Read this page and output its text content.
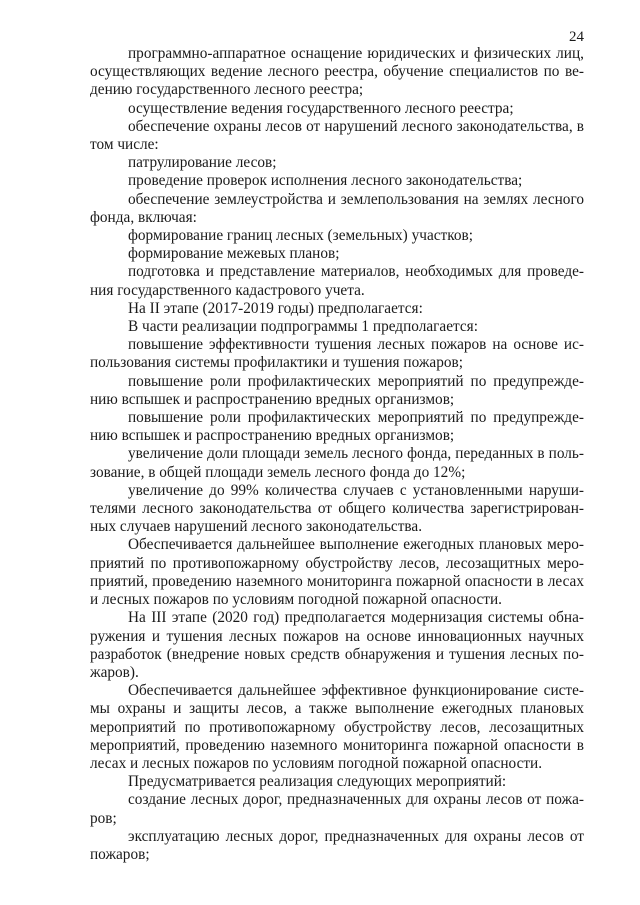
24

программно-аппаратное оснащение юридических и физических лиц, осуществляющих ведение лесного реестра, обучение специалистов по ведению государственного лесного реестра;

осуществление ведения государственного лесного реестра;

обеспечение охраны лесов от нарушений лесного законодательства, в том числе:

патрулирование лесов;

проведение проверок исполнения лесного законодательства;

обеспечение землеустройства и землепользования на землях лесного фонда, включая:

формирование границ лесных (земельных) участков;

формирование межевых планов;

подготовка и представление материалов, необходимых для проведения государственного кадастрового учета.

На II этапе (2017-2019 годы) предполагается:

В части реализации подпрограммы 1 предполагается:

повышение эффективности тушения лесных пожаров на основе использования системы профилактики и тушения пожаров;

повышение роли профилактических мероприятий по предупреждению вспышек и распространению вредных организмов;

повышение роли профилактических мероприятий по предупреждению вспышек и распространению вредных организмов;

увеличение доли площади земель лесного фонда, переданных в пользование, в общей площади земель лесного фонда до 12%;

увеличение до 99% количества случаев с установленными нарушителями лесного законодательства от общего количества зарегистрированных случаев нарушений лесного законодательства.

Обеспечивается дальнейшее выполнение ежегодных плановых мероприятий по противопожарному обустройству лесов, лесозащитных мероприятий, проведению наземного мониторинга пожарной опасности в лесах и лесных пожаров по условиям погодной пожарной опасности.

На III этапе (2020 год) предполагается модернизация системы обнаружения и тушения лесных пожаров на основе инновационных научных разработок (внедрение новых средств обнаружения и тушения лесных пожаров).

Обеспечивается дальнейшее эффективное функционирование системы охраны и защиты лесов, а также выполнение ежегодных плановых мероприятий по противопожарному обустройству лесов, лесозащитных мероприятий, проведению наземного мониторинга пожарной опасности в лесах и лесных пожаров по условиям погодной пожарной опасности.

Предусматривается реализация следующих мероприятий:

создание лесных дорог, предназначенных для охраны лесов от пожаров;

эксплуатацию лесных дорог, предназначенных для охраны лесов от пожаров;
